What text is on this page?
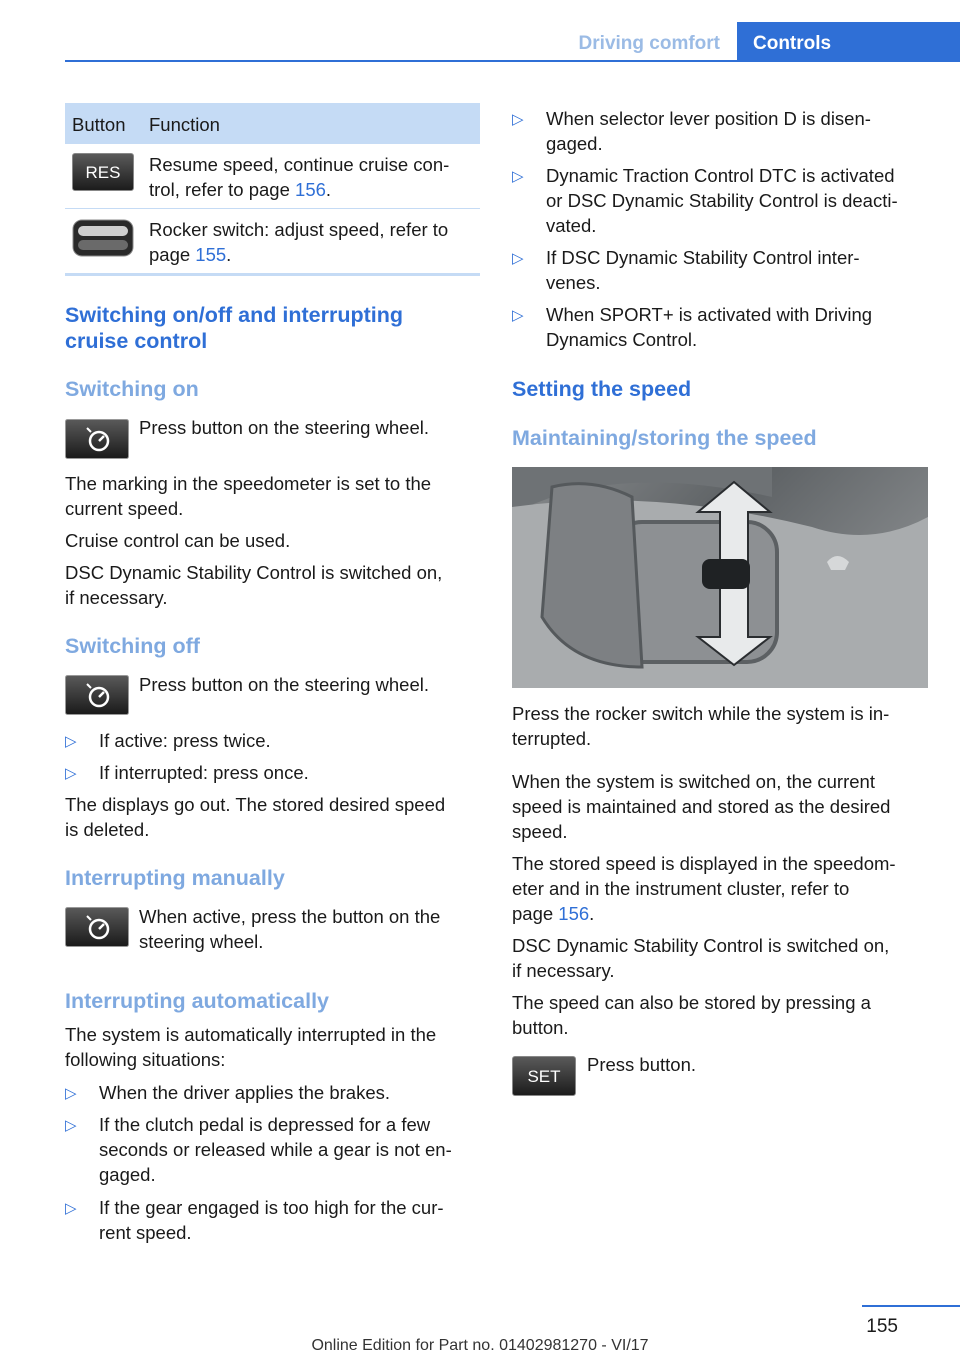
Driving comfort	Controls
Button Function
RES	Resume speed, continue cruise con-
trol, refer to page 156.

Rocker switch: adjust speed, refer to
page 155.

Switching on/off and interrupting
cruise control
Switching on

Press button on the steering wheel.

The marking in the speedometer is set to the
current speed.

Cruise control can be used.

DSC Dynamic Stability Control is switched on,
if necessary.

Switching off

Press button on the steering wheel.

▷ If active: press twice.

▷ If interrupted: press once.

The displays go out. The stored desired speed
is deleted.

Interrupting manually

When active, press the button on the
steering wheel.

Interrupting automatically

The system is automatically interrupted in the
following situations:

▷ When the driver applies the brakes.

▷ If the clutch pedal is depressed for a few
seconds or released while a gear is not en-
gaged.

▷ If the gear engaged is too high for the cur-
rent speed.

▷ When selector lever position D is disen-
gaged.

▷ Dynamic Traction Control DTC is activated
or DSC Dynamic Stability Control is deacti-
vated.

▷ If DSC Dynamic Stability Control inter-
venes.

▷ When SPORT+ is activated with Driving
Dynamics Control.

Setting the speed
Maintaining/storing the speed

Press the rocker switch while the system is in-
terrupted.

When the system is switched on, the current
speed is maintained and stored as the desired
speed.

The stored speed is displayed in the speedom-
eter and in the instrument cluster, refer to
page 156.

DSC Dynamic Stability Control is switched on,
if necessary.

The speed can also be stored by pressing a
button.

SET

Press button.

155
Online Edition for Part no. 01402981270 - VI/17
